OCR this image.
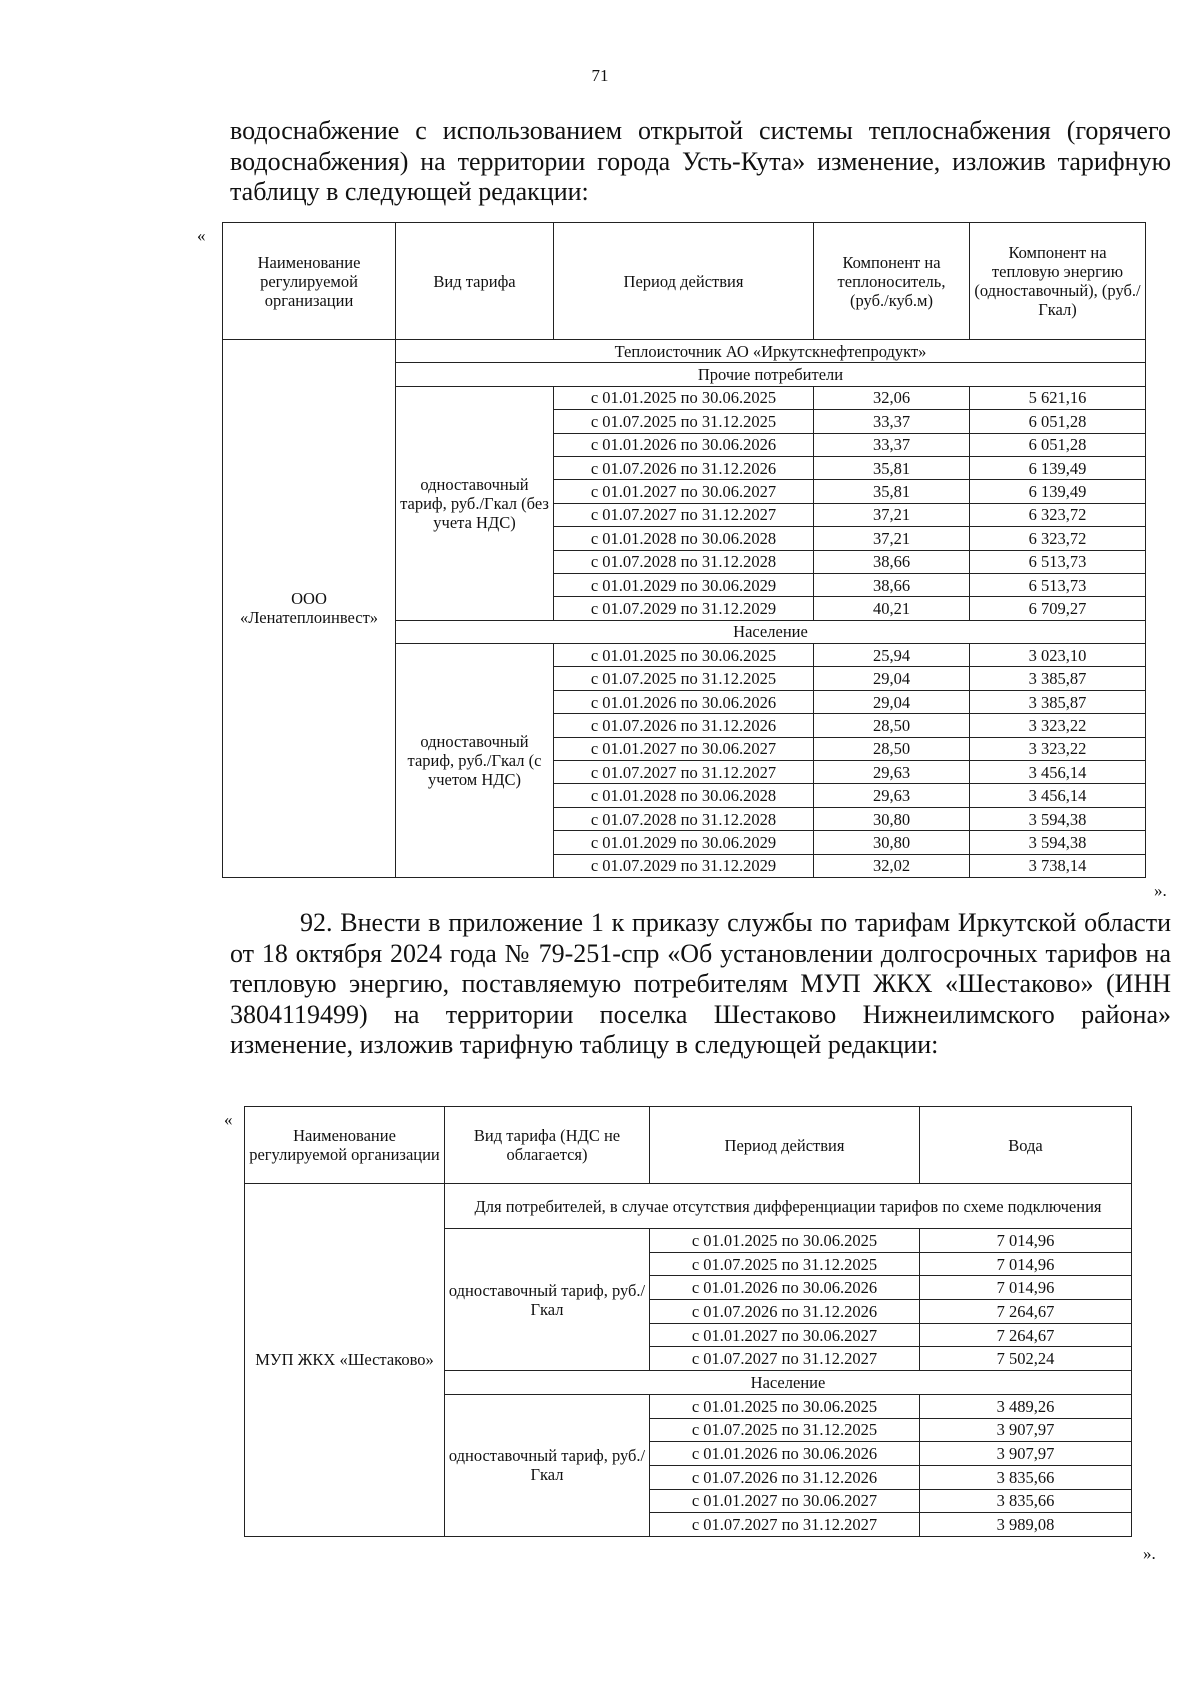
71

водоснабжение с использованием открытой системы теплоснабжения (горячего водоснабжения) на территории города Усть-Кута» изменение, изложив тарифную таблицу в следующей редакции:

«
Наименование регулируемой организации	Вид тарифа	Период действия	Компонент на теплоноситель, (руб./куб.м)	Компонент на тепловую энергию (одноставочный), (руб./Гкал)
ООО «Ленатеплоинвест»	Теплоисточник АО «Иркутскнефтепродукт»			
	Прочие потребители			
	одноставочный тариф, руб./Гкал (без учета НДС)	с 01.01.2025 по 30.06.2025	32,06	5 621,16
		с 01.07.2025 по 31.12.2025	33,37	6 051,28
		с 01.01.2026 по 30.06.2026	33,37	6 051,28
		с 01.07.2026 по 31.12.2026	35,81	6 139,49
		с 01.01.2027 по 30.06.2027	35,81	6 139,49
		с 01.07.2027 по 31.12.2027	37,21	6 323,72
		с 01.01.2028 по 30.06.2028	37,21	6 323,72
		с 01.07.2028 по 31.12.2028	38,66	6 513,73
		с 01.01.2029 по 30.06.2029	38,66	6 513,73
		с 01.07.2029 по 31.12.2029	40,21	6 709,27
	Население			
	одноставочный тариф, руб./Гкал (с учетом НДС)	с 01.01.2025 по 30.06.2025	25,94	3 023,10
		с 01.07.2025 по 31.12.2025	29,04	3 385,87
		с 01.01.2026 по 30.06.2026	29,04	3 385,87
		с 01.07.2026 по 31.12.2026	28,50	3 323,22
		с 01.01.2027 по 30.06.2027	28,50	3 323,22
		с 01.07.2027 по 31.12.2027	29,63	3 456,14
		с 01.01.2028 по 30.06.2028	29,63	3 456,14
		с 01.07.2028 по 31.12.2028	30,80	3 594,38
		с 01.01.2029 по 30.06.2029	30,80	3 594,38
		с 01.07.2029 по 31.12.2029	32,02	3 738,14
».

92. Внести в приложение 1 к приказу службы по тарифам Иркутской области от 18 октября 2024 года № 79-251-спр «Об установлении долгосрочных тарифов на тепловую энергию, поставляемую потребителям МУП ЖКХ «Шестаково» (ИНН 3804119499) на территории поселка Шестаково Нижнеилимского района» изменение, изложив тарифную таблицу в следующей редакции:

«
Наименование регулируемой организации	Вид тарифа (НДС не облагается)	Период действия	Вода
МУП ЖКХ «Шестаково»	Для потребителей, в случае отсутствия дифференциации тарифов по схеме подключения		
	одноставочный тариф, руб./Гкал	с 01.01.2025 по 30.06.2025	7 014,96
		с 01.07.2025 по 31.12.2025	7 014,96
		с 01.01.2026 по 30.06.2026	7 014,96
		с 01.07.2026 по 31.12.2026	7 264,67
		с 01.01.2027 по 30.06.2027	7 264,67
		с 01.07.2027 по 31.12.2027	7 502,24
	Население		
	одноставочный тариф, руб./Гкал	с 01.01.2025 по 30.06.2025	3 489,26
		с 01.07.2025 по 31.12.2025	3 907,97
		с 01.01.2026 по 30.06.2026	3 907,97
		с 01.07.2026 по 31.12.2026	3 835,66
		с 01.01.2027 по 30.06.2027	3 835,66
		с 01.07.2027 по 31.12.2027	3 989,08
».
